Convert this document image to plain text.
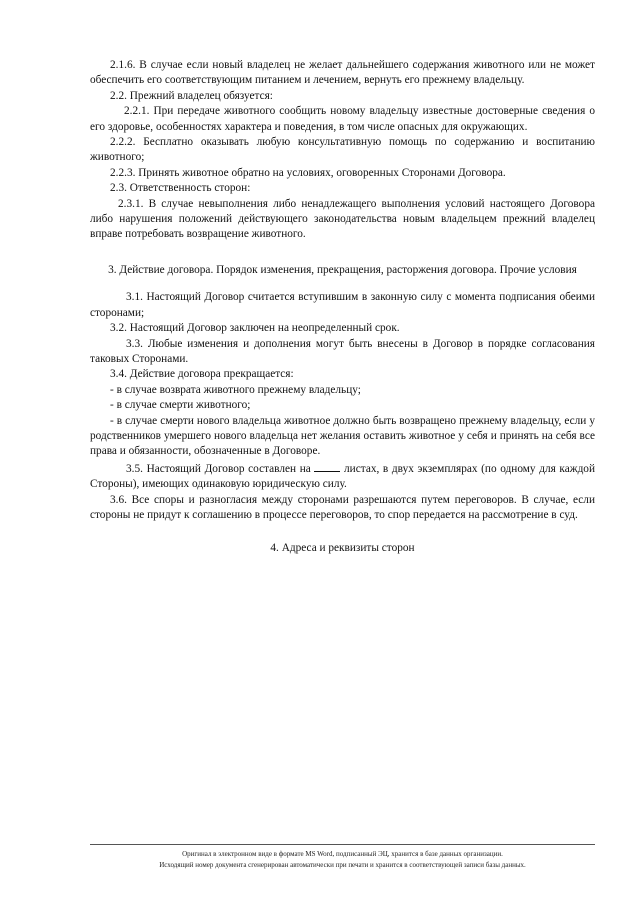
2.1.6. В случае если новый владелец не желает дальнейшего содержания животного или не может обеспечить его соответствующим питанием и лечением, вернуть его прежнему владельцу.

2.2. Прежний владелец обязуется:

2.2.1. При передаче животного сообщить новому владельцу известные достоверные сведения о его здоровье, особенностях характера и поведения, в том числе опасных для окружающих.

2.2.2. Бесплатно оказывать любую консультативную помощь по содержанию и воспитанию животного;

2.2.3. Принять животное обратно на условиях, оговоренных Сторонами Договора.

2.3. Ответственность сторон:

2.3.1. В случае невыполнения либо ненадлежащего выполнения условий настоящего Договора либо нарушения положений действующего законодательства новым владельцем прежний владелец вправе потребовать возвращение животного.

3. Действие договора. Порядок изменения, прекращения, расторжения договора. Прочие условия

3.1. Настоящий Договор считается вступившим в законную силу с момента подписания обеими сторонами;

3.2. Настоящий Договор заключен на неопределенный срок.

3.3. Любые изменения и дополнения могут быть внесены в Договор в порядке согласования таковых Сторонами.

3.4. Действие договора прекращается:

- в случае возврата животного прежнему владельцу;

- в случае смерти животного;

- в случае смерти нового владельца животное должно быть возвращено прежнему владельцу, если у родственников умершего нового владельца нет желания оставить животное у себя и принять на себя все права и обязанности, обозначенные в Договоре.

3.5. Настоящий Договор составлен на	листах, в двух экземплярах (по одному для каждой Стороны), имеющих одинаковую юридическую силу.

3.6. Все споры и разногласия между сторонами разрешаются путем переговоров. В случае, если стороны не придут к соглашению в процессе переговоров, то спор передается на рассмотрение в суд.

4. Адреса и реквизиты сторон

Оригинал в электронном виде в формате MS Word, подписанный ЭЦ, хранится в базе данных организации.
Исходящий номер документа сгенерирован автоматически при печати и хранится в соответствующей записи базы данных.
